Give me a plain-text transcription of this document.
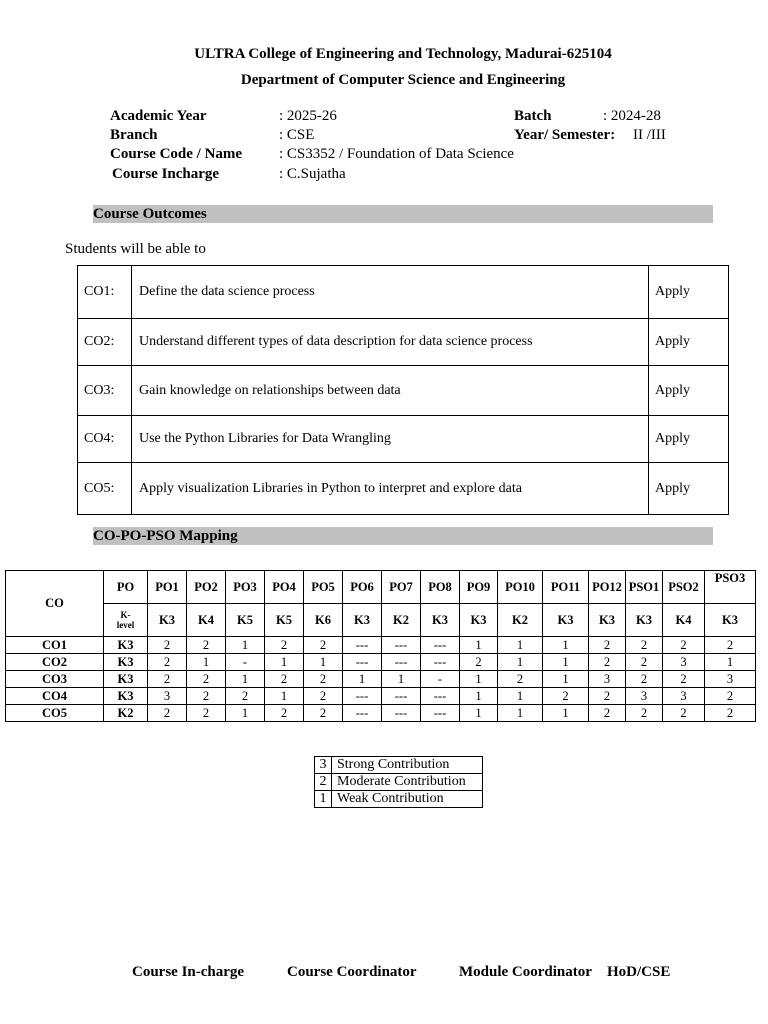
ULTRA College of Engineering and Technology, Madurai-625104
Department of Computer Science and Engineering
Academic Year	: 2025-26
Branch	: CSE
Course Code / Name : CS3352 / Foundation of Data Science
Course Incharge	: C.Sujatha
Batch	: 2024-28
Year/ Semester: II /III
Course Outcomes
Students will be able to
CO1:	Define the data science process	Apply
CO2:	Understand different types of data description for data science process	Apply
CO3:	Gain knowledge on relationships between data	Apply
CO4:	Use the Python Libraries for Data Wrangling	Apply
CO5:	Apply visualization Libraries in Python to interpret and explore data	Apply
CO-PO-PSO Mapping
CO	PO	PO1	PO2	PO3	PO4	PO5	PO6	PO7	PO8	PO9	PO10	PO11	PO12	PSO1	PSO2	PSO3
	K-
level	K3	K4	K5	K5	K6	K3	K2	K3	K3	K2	K3	K3	K3	K4	K3
CO1	K3	2	2	1	2	2	---	---	---	1	1	1	2	2	2	2
CO2	K3	2	1	-	1	1	---	---	---	2	1	1	2	2	3	1
CO3	K3	2	2	1	2	2	1	1	-	1	2	1	3	2	2	3
CO4	K3	3	2	2	1	2	---	---	---	1	1	2	2	3	3	2
CO5	K2	2	2	1	2	2	---	---	---	1	1	1	2	2	2	2
3	Strong Contribution
2	Moderate Contribution
1	Weak Contribution
Course In-charge	Course Coordinator	Module Coordinator HoD/CSE
